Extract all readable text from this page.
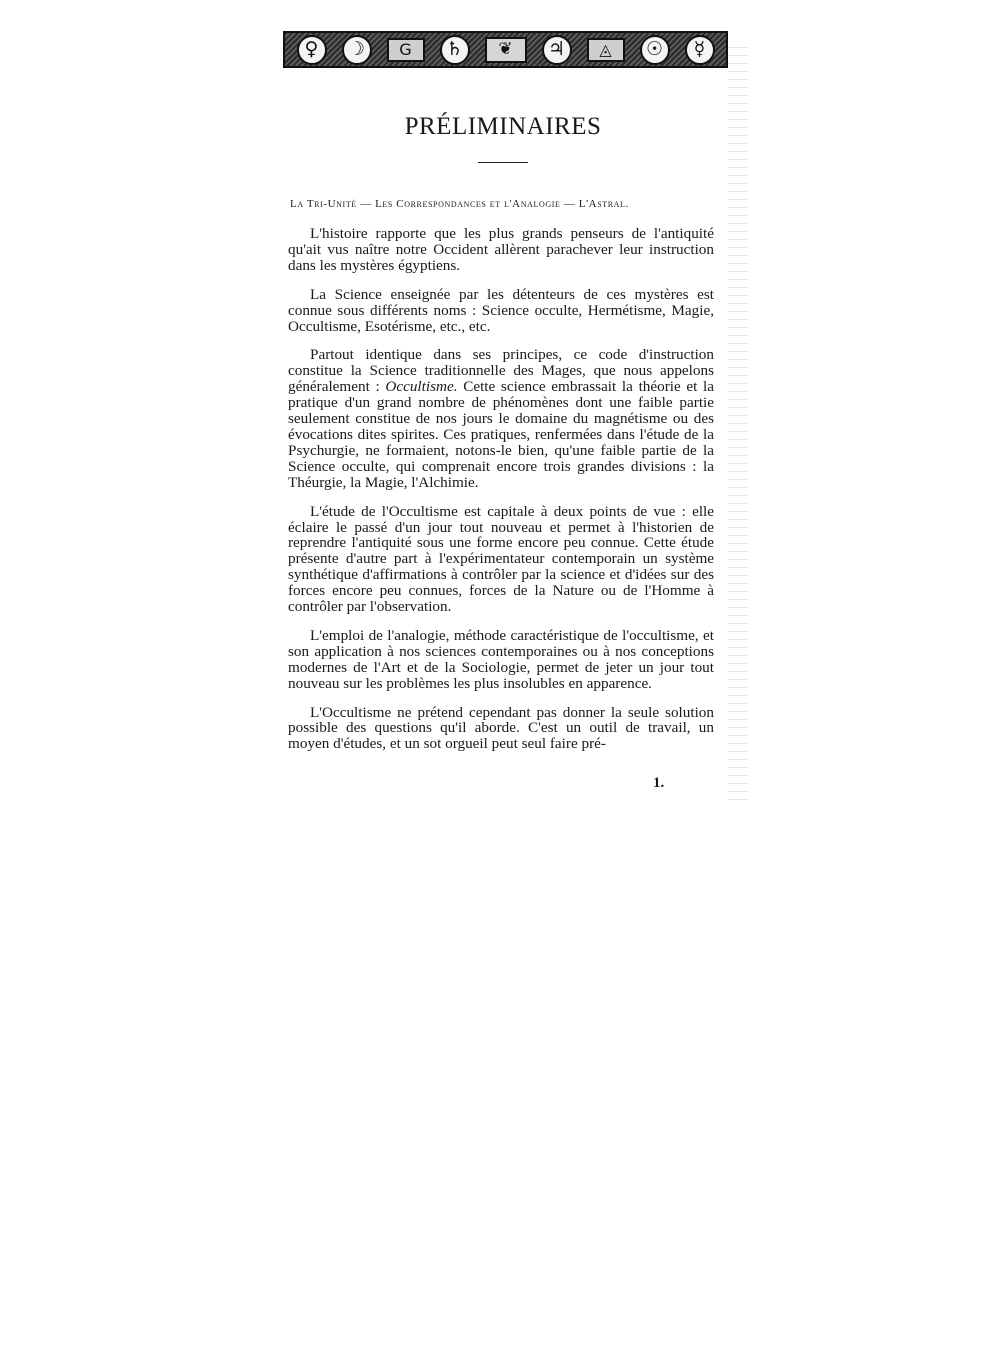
♀	☽	G	♄	❦	♃	◬	☉	☿
PRÉLIMINAIRES
La Tri-Unité — Les Correspondances et l'Analogie — L'Astral.

L'histoire rapporte que les plus grands penseurs de l'antiquité qu'ait vus naître notre Occident allèrent parachever leur instruction dans les mystères égyptiens.

La Science enseignée par les détenteurs de ces mystères est connue sous différents noms : Science occulte, Hermétisme, Magie, Occultisme, Esotérisme, etc., etc.

Partout identique dans ses principes, ce code d'instruction constitue la Science traditionnelle des Mages, que nous appelons généralement : Occultisme. Cette science embrassait la théorie et la pratique d'un grand nombre de phénomènes dont une faible partie seulement constitue de nos jours le domaine du magnétisme ou des évocations dites spirites. Ces pratiques, renfermées dans l'étude de la Psychurgie, ne formaient, notons-le bien, qu'une faible partie de la Science occulte, qui comprenait encore trois grandes divisions : la Théurgie, la Magie, l'Alchimie.

L'étude de l'Occultisme est capitale à deux points de vue : elle éclaire le passé d'un jour tout nouveau et permet à l'historien de reprendre l'antiquité sous une forme encore peu connue. Cette étude présente d'autre part à l'expérimentateur contemporain un système synthétique d'affirmations à contrôler par la science et d'idées sur des forces encore peu connues, forces de la Nature ou de l'Homme à contrôler par l'observation.

L'emploi de l'analogie, méthode caractéristique de l'occultisme, et son application à nos sciences contemporaines ou à nos conceptions modernes de l'Art et de la Sociologie, permet de jeter un jour tout nouveau sur les problèmes les plus insolubles en apparence.

L'Occultisme ne prétend cependant pas donner la seule solution possible des questions qu'il aborde. C'est un outil de travail, un moyen d'études, et un sot orgueil peut seul faire pré-

1.
